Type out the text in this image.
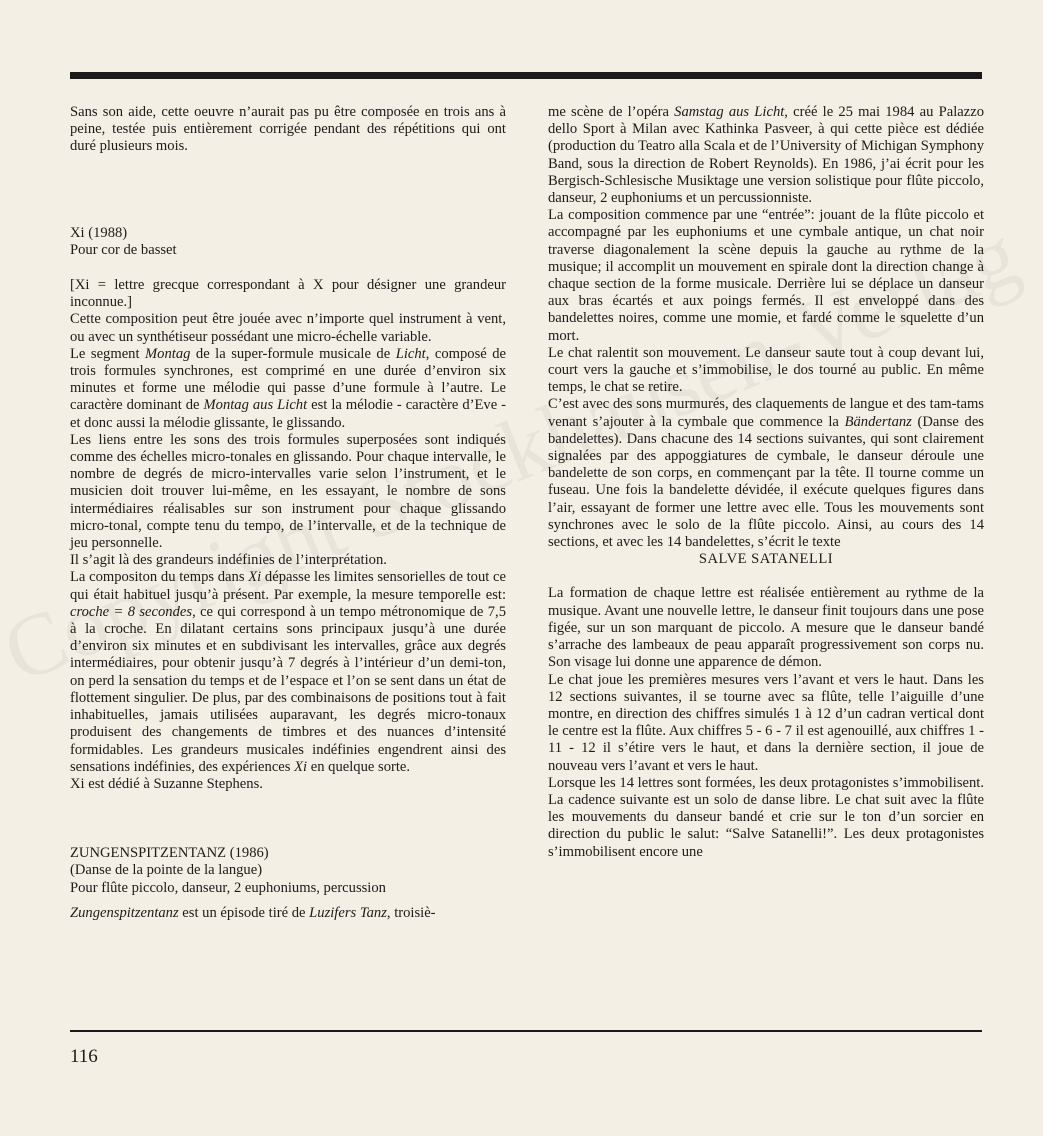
Sans son aide, cette oeuvre n’aurait pas pu être composée en trois ans à peine, testée puis entièrement corrigée pendant des répétitions qui ont duré plusieurs mois.

Xi (1988)

Pour cor de basset

[Xi = lettre grecque correspondant à X pour désigner une grandeur inconnue.]

Cette composition peut être jouée avec n’importe quel instrument à vent, ou avec un synthétiseur possédant une micro-échelle variable.

Le segment Montag de la super-formule musicale de Licht, composé de trois formules synchrones, est comprimé en une durée d’environ six minutes et forme une mélodie qui passe d’une formule à l’autre. Le caractère dominant de Montag aus Licht est la mélodie - caractère d’Eve - et donc aussi la mélodie glissante, le glissando.

Les liens entre les sons des trois formules superposées sont indiqués comme des échelles micro-tonales en glissando. Pour chaque intervalle, le nombre de degrés de micro-intervalles varie selon l’instrument, et le musicien doit trouver lui-même, en les essayant, le nombre de sons intermédiaires réalisables sur son instrument pour chaque glissando micro-tonal, compte tenu du tempo, de l’intervalle, et de la technique de jeu personnelle.

Il s’agit là des grandeurs indéfinies de l’interprétation.

La compositon du temps dans Xi dépasse les limites sensorielles de tout ce qui était habituel jusqu’à présent. Par exemple, la mesure temporelle est: croche = 8 secondes, ce qui correspond à un tempo métronomique de 7,5 à la croche. En dilatant certains sons principaux jusqu’à une durée d’environ six minutes et en subdivisant les intervalles, grâce aux degrés intermédiaires, pour obtenir jusqu’à 7 degrés à l’intérieur d’un demi-ton, on perd la sensation du temps et de l’espace et l’on se sent dans un état de flottement singulier. De plus, par des combinaisons de positions tout à fait inhabituelles, jamais utilisées auparavant, les degrés micro-tonaux produisent des changements de timbres et des nuances d’intensité formidables. Les grandeurs musicales indéfinies engendrent ainsi des sensations indéfinies, des expériences Xi en quelque sorte.

Xi est dédié à Suzanne Stephens.

ZUNGENSPITZENTANZ (1986)

(Danse de la pointe de la langue)

Pour flûte piccolo, danseur, 2 euphoniums, percussion

Zungenspitzentanz est un épisode tiré de Luzifers Tanz, troisiè-

me scène de l’opéra Samstag aus Licht, créé le 25 mai 1984 au Palazzo dello Sport à Milan avec Kathinka Pasveer, à qui cette pièce est dédiée (production du Teatro alla Scala et de l’University of Michigan Symphony Band, sous la direction de Robert Reynolds). En 1986, j’ai écrit pour les Bergisch-Schlesische Musiktage une version solistique pour flûte piccolo, danseur, 2 euphoniums et un percussionniste.

La composition commence par une “entrée”: jouant de la flûte piccolo et accompagné par les euphoniums et une cymbale antique, un chat noir traverse diagonalement la scène depuis la gauche au rythme de la musique; il accomplit un mouvement en spirale dont la direction change à chaque section de la forme musicale. Derrière lui se déplace un danseur aux bras écartés et aux poings fermés. Il est enveloppé dans des bandelettes noires, comme une momie, et fardé comme le squelette d’un mort.

Le chat ralentit son mouvement. Le danseur saute tout à coup devant lui, court vers la gauche et s’immobilise, le dos tourné au public. En même temps, le chat se retire.

C’est avec des sons murmurés, des claquements de langue et des tam-tams venant s’ajouter à la cymbale que commence la Bändertanz (Danse des bandelettes). Dans chacune des 14 sections suivantes, qui sont clairement signalées par des appoggiatures de cymbale, le danseur déroule une bandelette de son corps, en commençant par la tête. Il tourne comme un fuseau. Une fois la bandelette dévidée, il exécute quelques figures dans l’air, essayant de former une lettre avec elle. Tous les mouvements sont synchrones avec le solo de la flûte piccolo. Ainsi, au cours des 14 sections, et avec les 14 bandelettes, s’écrit le texte

SALVE SATANELLI

La formation de chaque lettre est réalisée entièrement au rythme de la musique. Avant une nouvelle lettre, le danseur finit toujours dans une pose figée, sur un son marquant de piccolo. A mesure que le danseur bandé s’arrache des lambeaux de peau apparaît progressivement son corps nu. Son visage lui donne une apparence de démon.

Le chat joue les premières mesures vers l’avant et vers le haut. Dans les 12 sections suivantes, il se tourne avec sa flûte, telle l’aiguille d’une montre, en direction des chiffres simulés 1 à 12 d’un cadran vertical dont le centre est la flûte. Aux chiffres 5 - 6 - 7 il est agenouillé, aux chiffres 1 - 11 - 12 il s’étire vers le haut, et dans la dernière section, il joue de nouveau vers l’avant et vers le haut.

Lorsque les 14 lettres sont formées, les deux protagonistes s’immobilisent. La cadence suivante est un solo de danse libre. Le chat suit avec la flûte les mouvements du danseur bandé et crie sur le ton d’un sorcier en direction du public le salut: “Salve Satanelli!”. Les deux protagonistes s’immobilisent encore une

116
